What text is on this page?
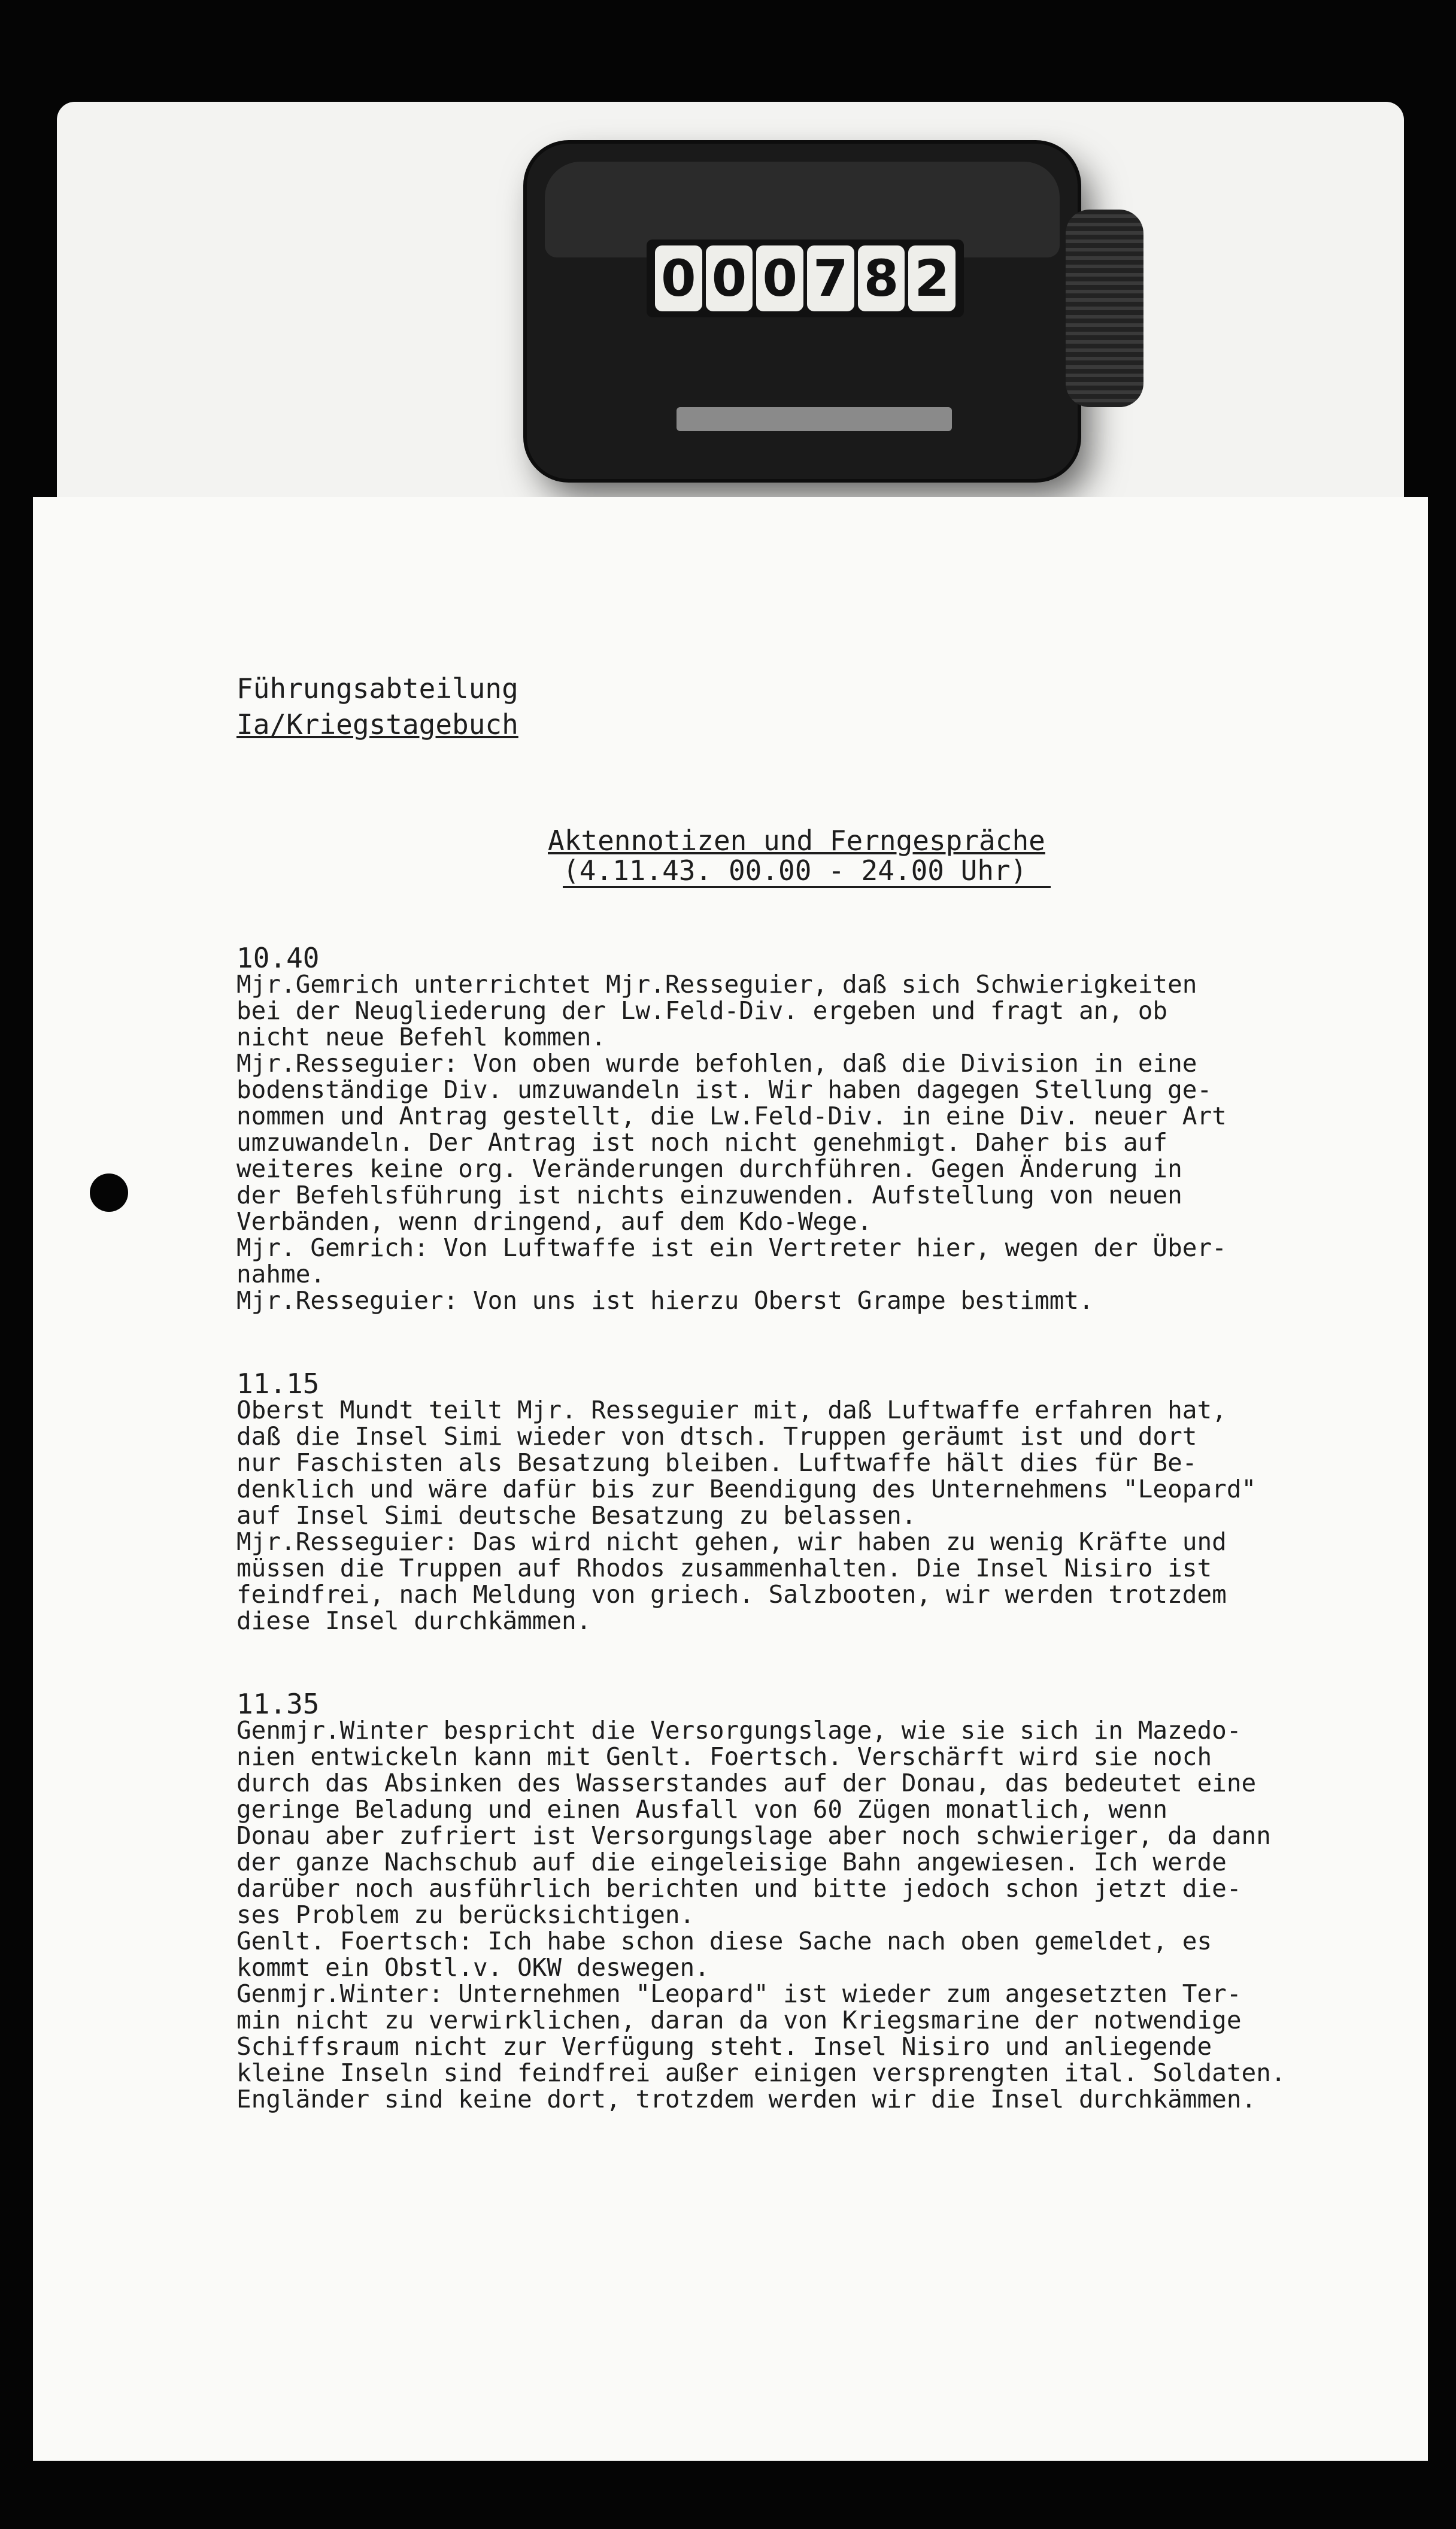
0 0 0 7 8 2
Führungsabteilung
Ia/Kriegstagebuch
Aktennotizen und Ferngespräche
(4.11.43. 00.00 - 24.00 Uhr)
10.40

Mjr.Gemrich unterrichtet Mjr.Resseguier, daß sich Schwierigkeiten

bei der Neugliederung der Lw.Feld-Div. ergeben und fragt an, ob

nicht neue Befehl kommen.

Mjr.Resseguier: Von oben wurde befohlen, daß die Division in eine

bodenständige Div. umzuwandeln ist. Wir haben dagegen Stellung ge-

nommen und Antrag gestellt, die Lw.Feld-Div. in eine Div. neuer Art

umzuwandeln. Der Antrag ist noch nicht genehmigt. Daher bis auf

weiteres keine org. Veränderungen durchführen. Gegen Änderung in

der Befehlsführung ist nichts einzuwenden. Aufstellung von neuen

Verbänden, wenn dringend, auf dem Kdo-Wege.

Mjr. Gemrich: Von Luftwaffe ist ein Vertreter hier, wegen der Über-

nahme.

Mjr.Resseguier: Von uns ist hierzu Oberst Grampe bestimmt.

11.15

Oberst Mundt teilt Mjr. Resseguier mit, daß Luftwaffe erfahren hat,

daß die Insel Simi wieder von dtsch. Truppen geräumt ist und dort

nur Faschisten als Besatzung bleiben. Luftwaffe hält dies für Be-

denklich und wäre dafür bis zur Beendigung des Unternehmens "Leopard"

auf Insel Simi deutsche Besatzung zu belassen.

Mjr.Resseguier: Das wird nicht gehen, wir haben zu wenig Kräfte und

müssen die Truppen auf Rhodos zusammenhalten. Die Insel Nisiro ist

feindfrei, nach Meldung von griech. Salzbooten, wir werden trotzdem

diese Insel durchkämmen.

11.35

Genmjr.Winter bespricht die Versorgungslage, wie sie sich in Mazedo-

nien entwickeln kann mit Genlt. Foertsch. Verschärft wird sie noch

durch das Absinken des Wasserstandes auf der Donau, das bedeutet eine

geringe Beladung und einen Ausfall von 60 Zügen monatlich, wenn

Donau aber zufriert ist Versorgungslage aber noch schwieriger, da dann

der ganze Nachschub auf die eingeleisige Bahn angewiesen. Ich werde

darüber noch ausführlich berichten und bitte jedoch schon jetzt die-

ses Problem zu berücksichtigen.

Genlt. Foertsch: Ich habe schon diese Sache nach oben gemeldet, es

kommt ein Obstl.v. OKW deswegen.

Genmjr.Winter: Unternehmen "Leopard" ist wieder zum angesetzten Ter-

min nicht zu verwirklichen, daran da von Kriegsmarine der notwendige

Schiffsraum nicht zur Verfügung steht. Insel Nisiro und anliegende

kleine Inseln sind feindfrei außer einigen versprengten ital. Soldaten.

Engländer sind keine dort, trotzdem werden wir die Insel durchkämmen.
